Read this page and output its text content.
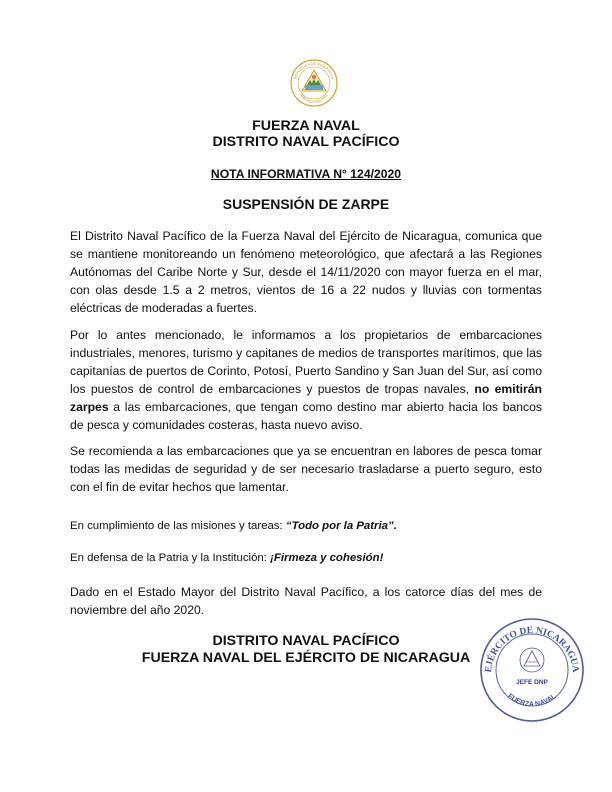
REPUBLICA DE NICARAGUA
AMERICA CENTRAL
FUERZA NAVAL
DISTRITO NAVAL PACÍFICO
NOTA INFORMATIVA N° 124/2020
SUSPENSIÓN DE ZARPE

El Distrito Naval Pacífico de la Fuerza Naval del Ejército de Nicaragua, comunica que se mantiene monitoreando un fenómeno meteorológico, que afectará a las Regiones Autónomas del Caribe Norte y Sur, desde el 14/11/2020 con mayor fuerza en el mar, con olas desde 1.5 a 2 metros, vientos de 16 a 22 nudos y lluvias con tormentas eléctricas de moderadas a fuertes.

Por lo antes mencionado, le informamos a los propietarios de embarcaciones industriales, menores, turismo y capitanes de medios de transportes marítimos, que las capitanías de puertos de Corinto, Potosí, Puerto Sandino y San Juan del Sur, así como los puestos de control de embarcaciones y puestos de tropas navales, no emitirán zarpes a las embarcaciones, que tengan como destino mar abierto hacia los bancos de pesca y comunidades costeras, hasta nuevo aviso.

Se recomienda a las embarcaciones que ya se encuentran en labores de pesca tomar todas las medidas de seguridad y de ser necesario trasladarse a puerto seguro, esto con el fin de evitar hechos que lamentar.

En cumplimiento de las misiones y tareas: “Todo por la Patria”.

En defensa de la Patria y la Institución: ¡Firmeza y cohesión!

Dado en el Estado Mayor del Distrito Naval Pacífico, a los catorce días del mes de noviembre del año 2020.

DISTRITO NAVAL PACÍFICO
FUERZA NAVAL DEL EJÉRCITO DE NICARAGUA
EJÉRCITO DE NICARAGUA
FUERZA NAVAL
JEFE DNP
